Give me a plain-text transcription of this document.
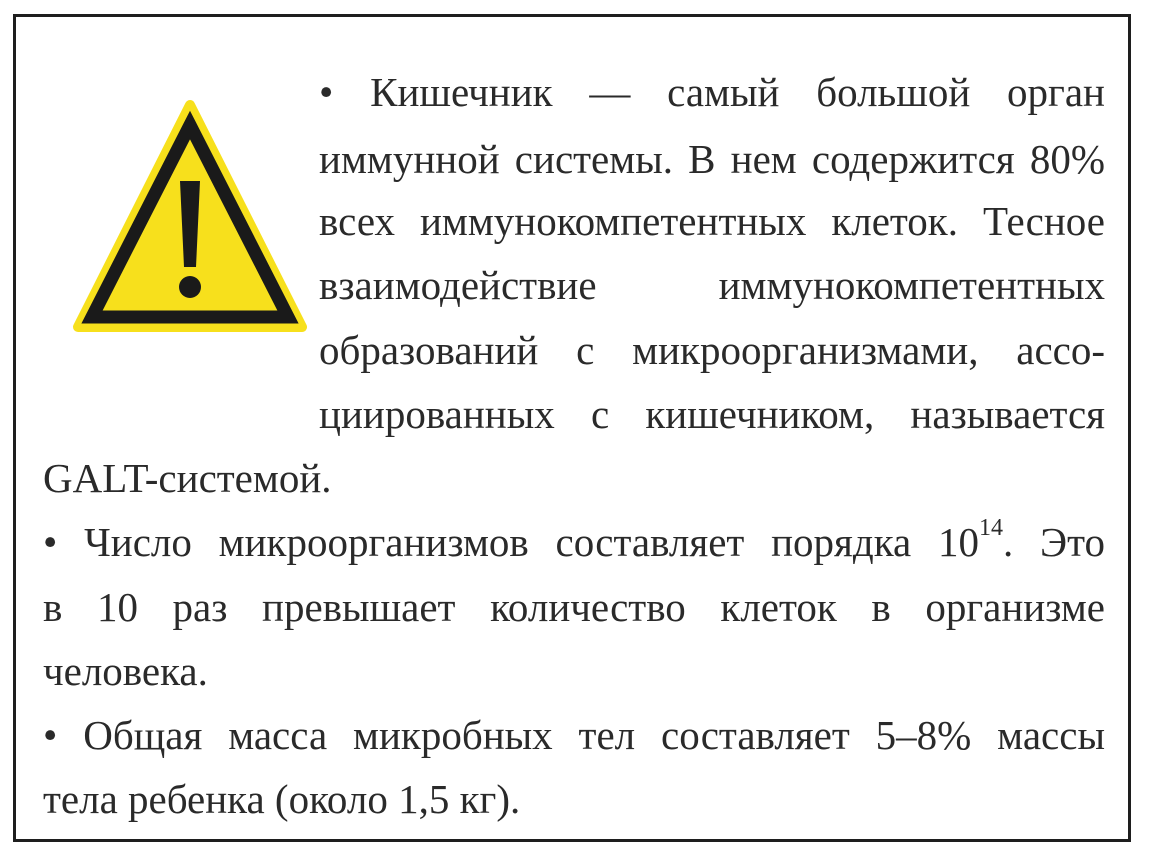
• Кишечник — самый большой орган
иммунной системы. В нем содержится 80%
всех иммунокомпетентных клеток. Тесное
взаимодействие иммунокомпетентных
образований с микроорганизмами, ассо-
циированных с кишечником, называется
GALT-системой.
• Число микроорганизмов составляет порядка $10^{14}$. Это
в 10 раз превышает количество клеток в организме
человека.
• Общая масса микробных тел составляет 5–8% массы
тела ребенка (около 1,5 кг).
